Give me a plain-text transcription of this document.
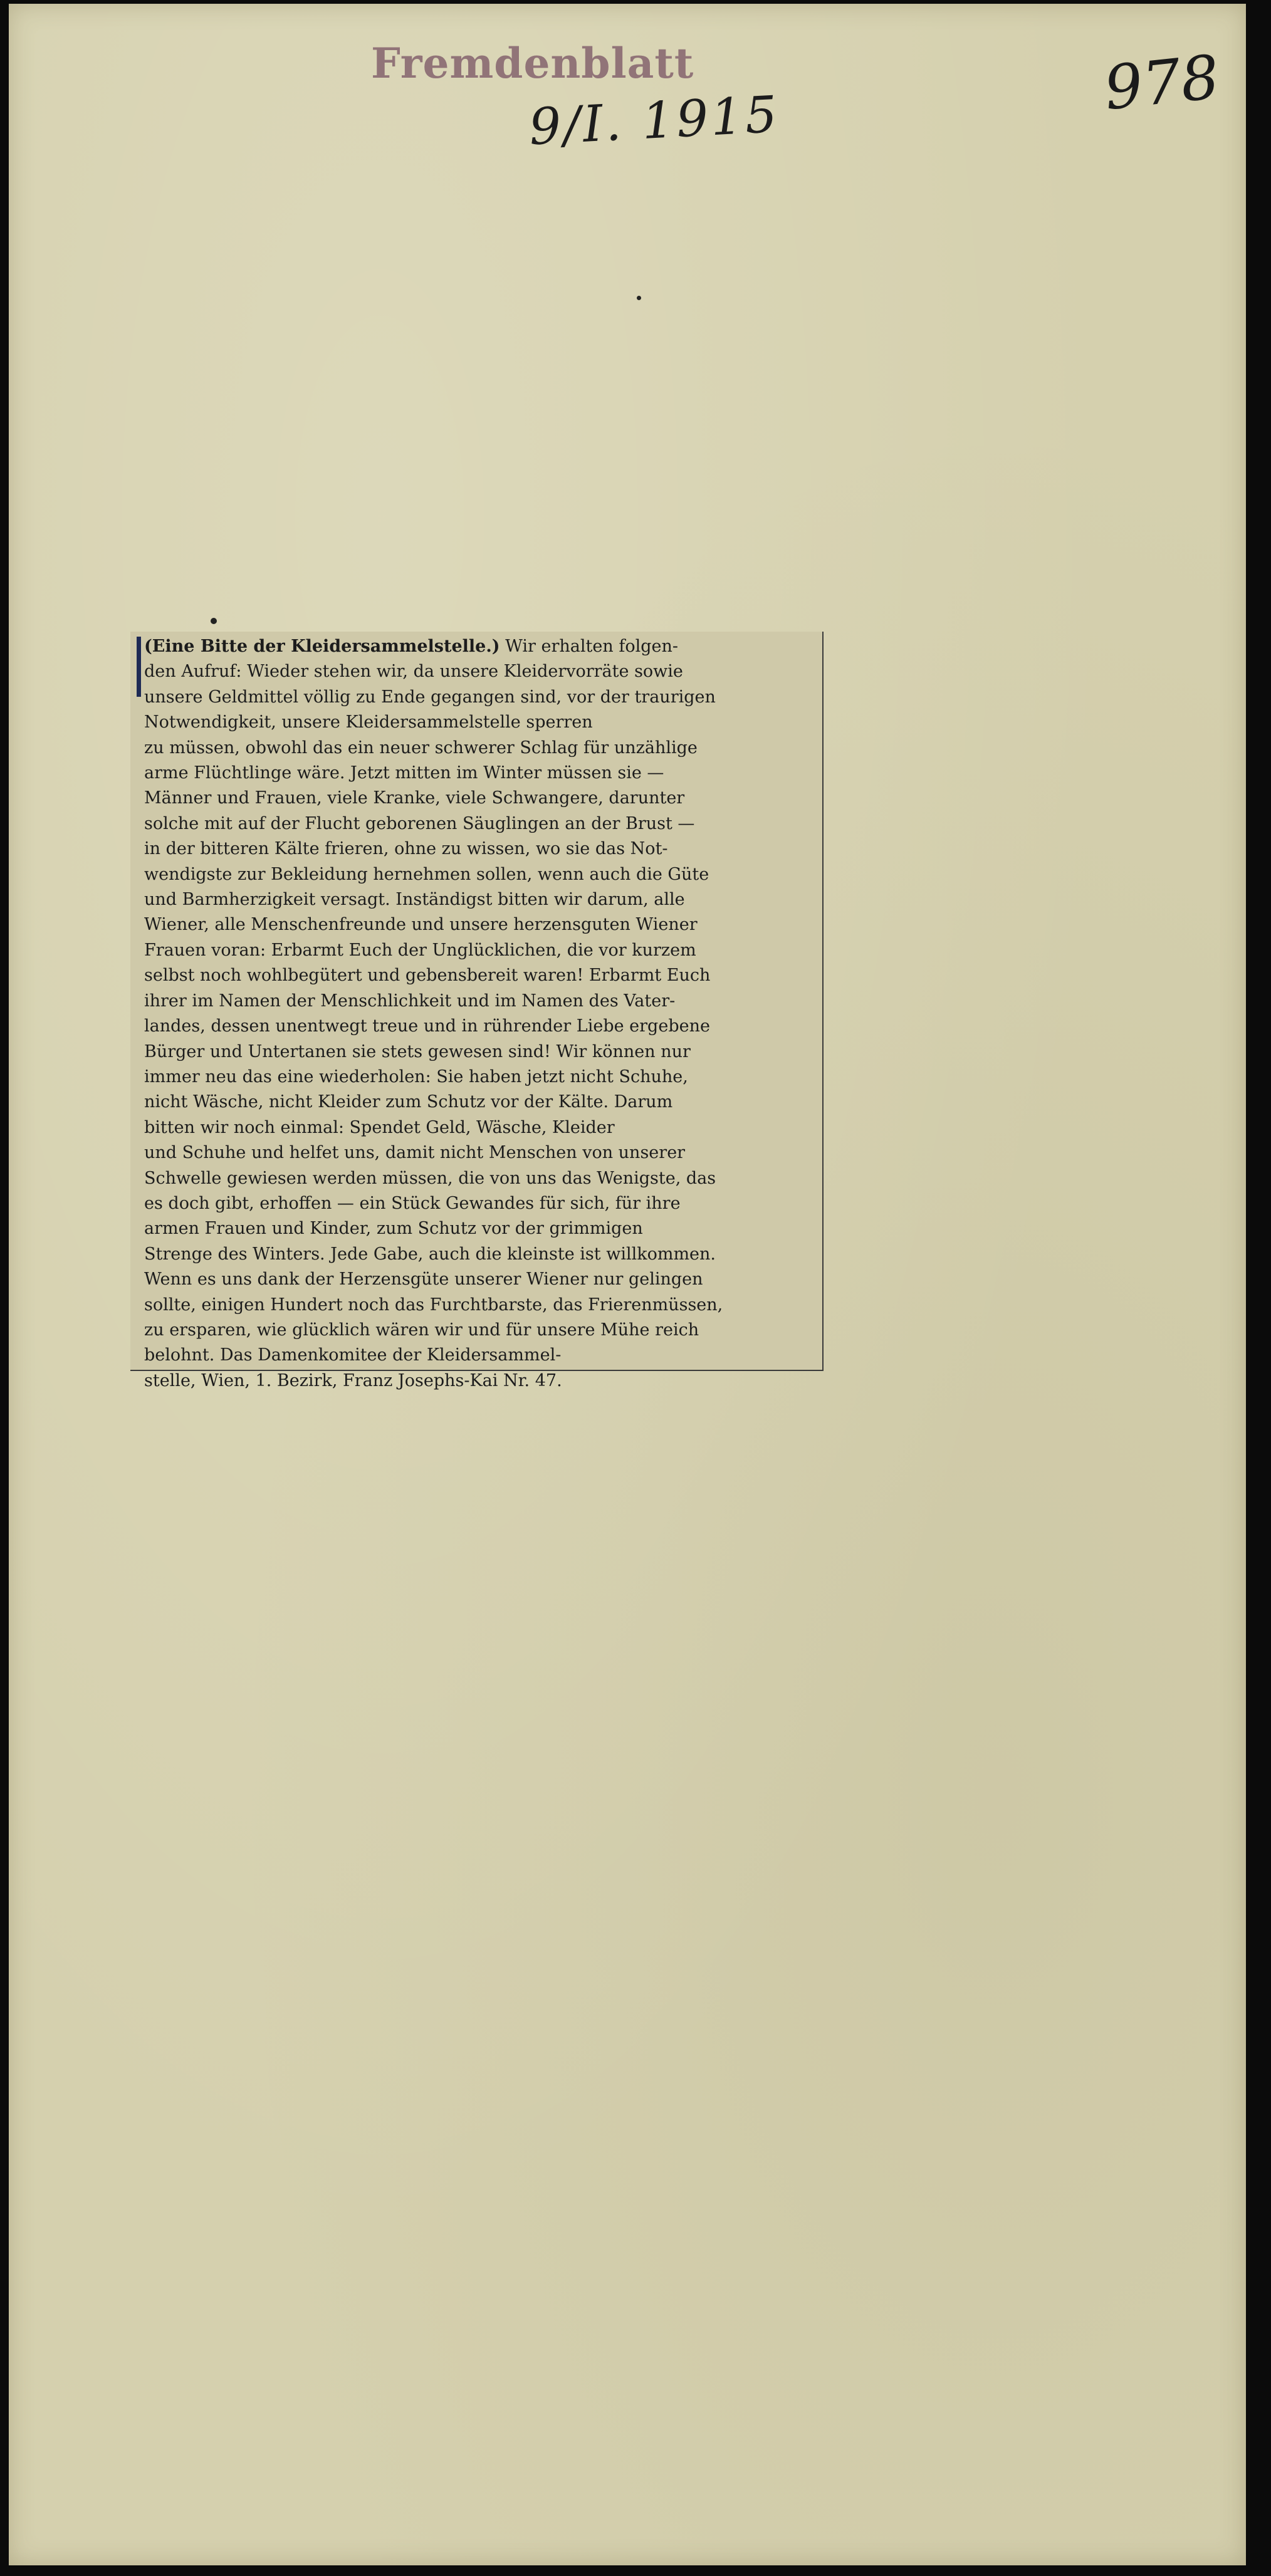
Fremdenblatt
9/I. 1915	978
(Eine Bitte der Kleidersammelstelle.) Wir erhalten folgen-
den Aufruf: Wieder stehen wir, da unsere Kleidervorräte sowie
unsere Geldmittel völlig zu Ende gegangen sind, vor der traurigen
Notwendigkeit, unsere Kleidersammelstelle sperren
zu müssen, obwohl das ein neuer schwerer Schlag für unzählige
arme Flüchtlinge wäre. Jetzt mitten im Winter müssen sie —
Männer und Frauen, viele Kranke, viele Schwangere, darunter
solche mit auf der Flucht geborenen Säuglingen an der Brust —
in der bitteren Kälte frieren, ohne zu wissen, wo sie das Not-
wendigste zur Bekleidung hernehmen sollen, wenn auch die Güte
und Barmherzigkeit versagt. Inständigst bitten wir darum, alle
Wiener, alle Menschenfreunde und unsere herzensguten Wiener
Frauen voran: Erbarmt Euch der Unglücklichen, die vor kurzem
selbst noch wohlbegütert und gebensbereit waren! Erbarmt Euch
ihrer im Namen der Menschlichkeit und im Namen des Vater-
landes, dessen unentwegt treue und in rührender Liebe ergebene
Bürger und Untertanen sie stets gewesen sind! Wir können nur
immer neu das eine wiederholen: Sie haben jetzt nicht Schuhe,
nicht Wäsche, nicht Kleider zum Schutz vor der Kälte. Darum
bitten wir noch einmal: Spendet Geld, Wäsche, Kleider
und Schuhe und helfet uns, damit nicht Menschen von unserer
Schwelle gewiesen werden müssen, die von uns das Wenigste, das
es doch gibt, erhoffen — ein Stück Gewandes für sich, für ihre
armen Frauen und Kinder, zum Schutz vor der grimmigen
Strenge des Winters. Jede Gabe, auch die kleinste ist willkommen.
Wenn es uns dank der Herzensgüte unserer Wiener nur gelingen
sollte, einigen Hundert noch das Furchtbarste, das Frierenmüssen,
zu ersparen, wie glücklich wären wir und für unsere Mühe reich
belohnt. Das Damenkomitee der Kleidersammel-
stelle, Wien, 1. Bezirk, Franz Josephs-Kai Nr. 47.
